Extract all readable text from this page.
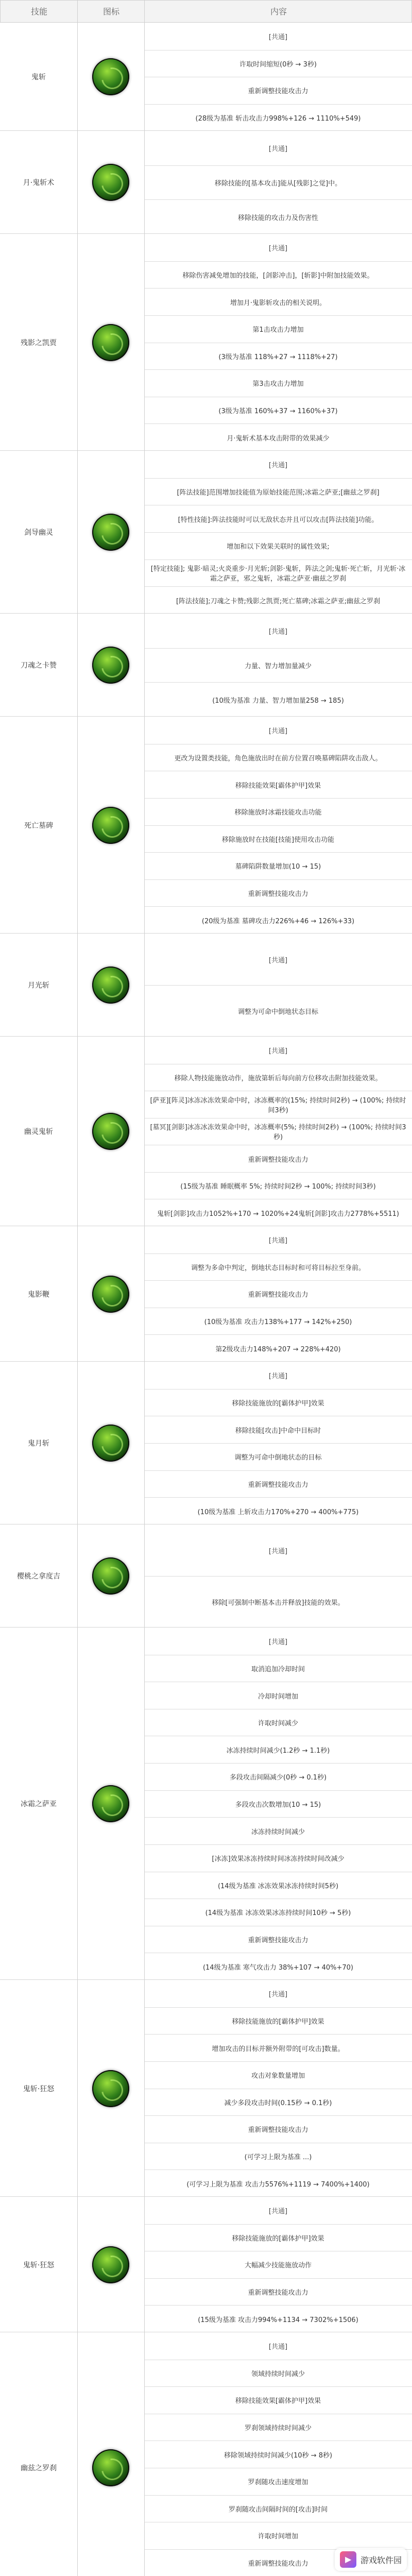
技能	图标	内容
鬼斩
[共通]
许取时间缩短(0秒 → 3秒)
重新调整技能攻击力
(28级为基准 斩击攻击力998%+126 → 1110%+549)
月·鬼斩术
[共通]
移除技能的[基本攻击]能从[残影]之觉]中。
移除技能的攻击力及伤害性
残影之凯贾
[共通]
移除伤害减免增加的技能，[剑影冲击]，[斩影]中附加技能效果。
增加月·鬼影斩攻击的相关说明。
第1击攻击力增加
(3级为基准 118%+27 → 1118%+27)
第3击攻击力增加
(3级为基准 160%+37 → 1160%+37)
月·鬼斩术基本攻击附带的效果减少
剑导幽灵
[共通]
[阵法技能]范围增加技能值为原始技能范围;冰霜之萨亚;[幽兹之罗刹]
[特性技能]:阵法技能时可以无敌状态并且可以攻击[阵法技能]功能。
增加和以下效果关联时的属性效果;
[特定技能]; 鬼影·暗灵;火炎重步·月光斩;剑影·鬼斩，阵法之剑;鬼斩·死亡斩，月光斩·冰霜之萨亚，邪之鬼斩，冰霜之萨亚·幽兹之罗刹
[阵法技能];刀魂之卡赞;残影之凯贾;死亡墓碑;冰霜之萨亚;幽兹之罗刹
刀魂之卡赞
[共通]
力量、智力增加量减少
(10级为基准 力量、智力增加量258 → 185)
死亡墓碑
[共通]
更改为设置类技能，角色施放出时在前方位置召唤墓碑陷阱攻击敌人。
移除技能效果[霸体护甲]效果
移除施放时冰霜技能攻击功能
移除施放时在技能[技能]使用攻击功能
墓碑陷阱数量增加(10 → 15)
重新调整技能攻击力
(20级为基准 墓碑攻击力226%+46 → 126%+33)
月光斩
[共通]
调整为可命中倒地状态目标
幽灵鬼斩
[共通]
移除人物技能施放动作，施放第斩后每向前方位移攻击附加技能效果。
[萨亚][阵灵]冰冻冰冻效果命中时，冰冻概率的(15%; 持续时间2秒) → (100%; 持续时间3秒)
[墓冥][剑影]冰冻冰冻效果命中时，冰冻概率(5%; 持续时间2秒) → (100%; 持续时间3秒)
重新调整技能攻击力
(15级为基准 睡眠概率 5%; 持续时间2秒 → 100%; 持续时间3秒)
鬼斩[剑影]攻击力1052%+170 → 1020%+24鬼斩[剑影]攻击力2778%+5511)
鬼影鞭
[共通]
调整为多命中判定，倒地状态目标时和可将目标拉至身前。
重新调整技能攻击力
(10级为基准 攻击力138%+177 → 142%+250)
第2级攻击力148%+207 → 228%+420)
鬼月斩
[共通]
移除技能施放的[霸体护甲]效果
移除技能[攻击]中命中目标时
调整为可命中倒地状态的目标
重新调整技能攻击力
(10级为基准 上斩攻击力170%+270 → 400%+775)
樱桃之拿度吉
[共通]
移除[可强制中断基本击并释放]技能的效果。
冰霜之萨亚
[共通]
取消追加冷却时间
冷却时间增加
许取时间减少
冰冻持续时间减少(1.2秒 → 1.1秒)
多段攻击间隔减少(0秒 → 0.1秒)
多段攻击次数增加(10 → 15)
冰冻持续时间减少
[冰冻]效果冰冻持续时间冰冻持续时间改减少
(14级为基准 冰冻效果冰冻持续时间5秒)
(14级为基准 冰冻效果冰冻持续时间10秒 → 5秒)
重新调整技能攻击力
(14级为基准 寒气攻击力 38%+107 → 40%+70)
鬼斩·狂怒
[共通]
移除技能施放的[霸体护甲]效果
增加攻击的目标并额外附带的[可攻击]数量。
攻击对象数量增加
减少多段攻击时间(0.15秒 → 0.1秒)
重新调整技能攻击力
(可学习上限为基准 ...)
(可学习上限为基准 攻击力5576%+1119 → 7400%+1400)
鬼斩·狂怒
[共通]
移除技能施放的[霸体护甲]效果
大幅减少技能施放动作
重新调整技能攻击力
(15级为基准 攻击力994%+1134 → 7302%+1506)
幽兹之罗刹
[共通]
领域持续时间减少
移除技能效果[霸体护甲]效果
罗刹领域持续时间减少
移除领域持续时间减少(10秒 → 8秒)
罗刹随攻击速度增加
罗刹随攻击间隔时间的[攻击]时间
许取时间增加
重新调整技能攻击力
▶	游戏软件园
